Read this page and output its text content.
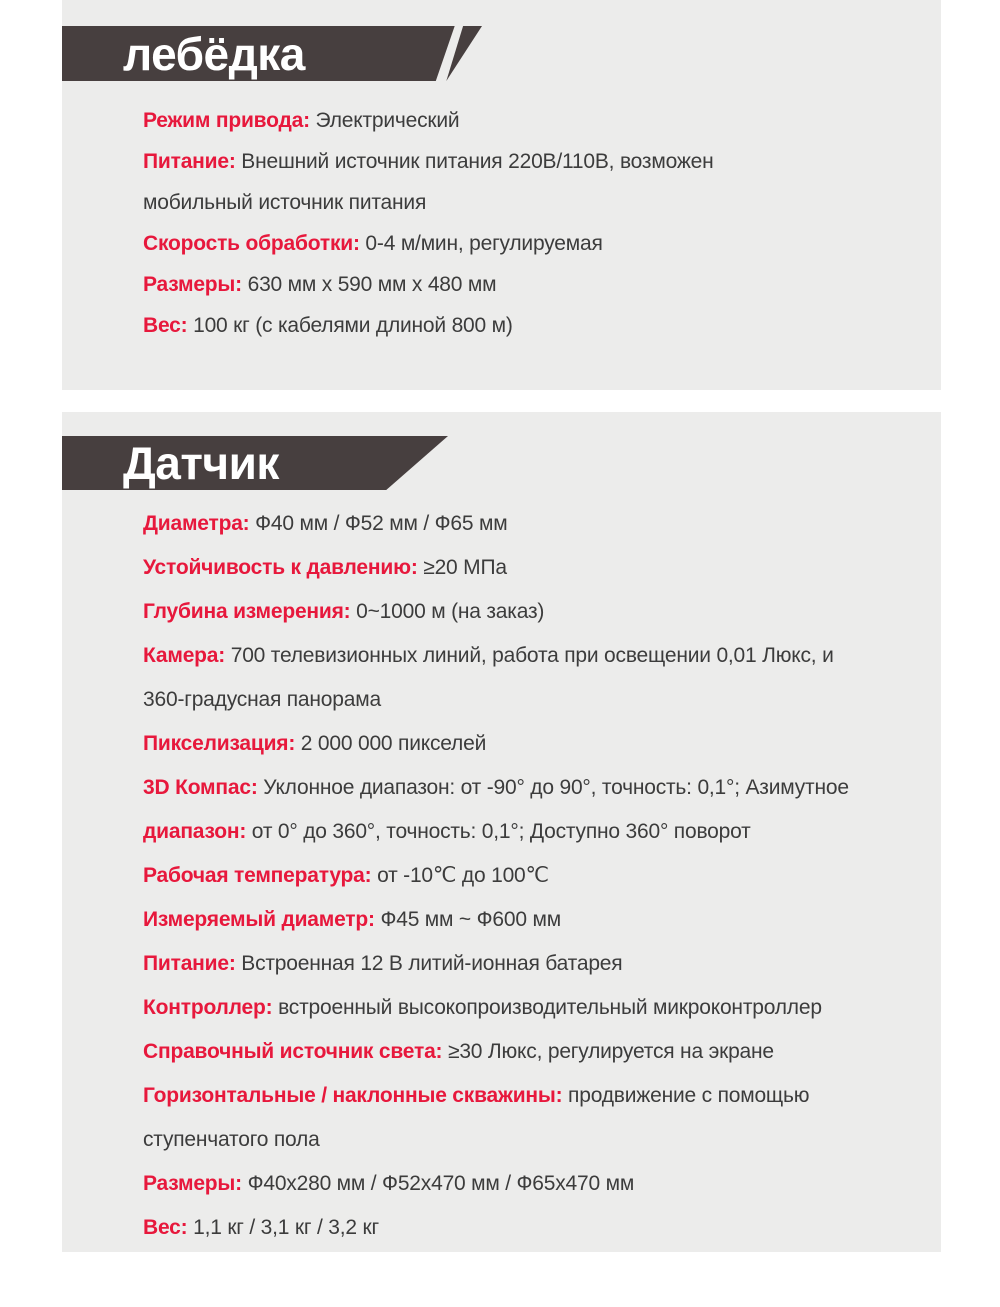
лебёдка
Режим привода: Электрический
Питание: Внешний источник питания 220В/110В, возможен
мобильный источник питания
Скорость обработки: 0-4 м/мин, регулируемая
Размеры: 630 мм х 590 мм х 480 мм
Вес: 100 кг (с кабелями длиной 800 м)
Датчик
Диаметра: Ф40 мм / Ф52 мм / Ф65 мм
Устойчивость к давлению: ≥20 МПа
Глубина измерения: 0~1000 м (на заказ)
Камера: 700 телевизионных линий, работа при освещении 0,01 Люкс, и
360-градусная панорама
Пикселизация: 2 000 000 пикселей
3D Компас: Уклонное диапазон: от -90° до 90°, точность: 0,1°; Азимутное
диапазон: от 0° до 360°, точность: 0,1°; Доступно 360° поворот
Рабочая температура: от -10℃ до 100℃
Измеряемый диаметр: Ф45 мм ~ Ф600 мм
Питание: Встроенная 12 В литий-ионная батарея
Контроллер: встроенный высокопроизводительный микроконтроллер
Справочный источник света: ≥30 Люкс, регулируется на экране
Горизонтальные / наклонные скважины: продвижение с помощью
ступенчатого пола
Размеры: Ф40х280 мм / Ф52х470 мм / Ф65х470 мм
Вес: 1,1 кг / 3,1 кг / 3,2 кг
